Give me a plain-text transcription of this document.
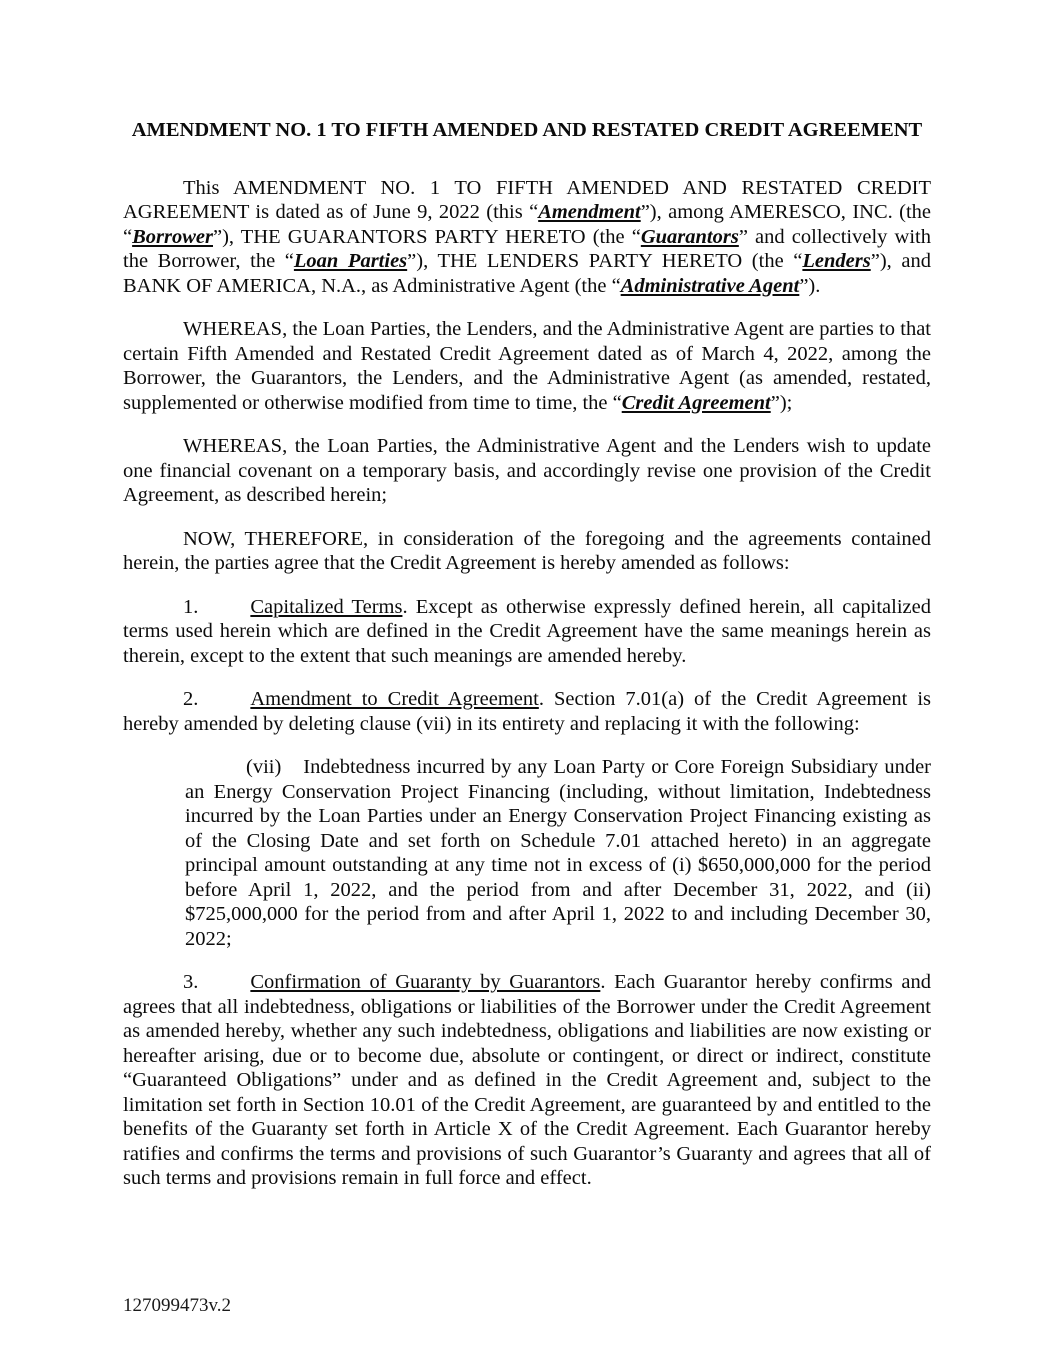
AMENDMENT NO. 1 TO FIFTH AMENDED AND RESTATED CREDIT AGREEMENT
This AMENDMENT NO. 1 TO FIFTH AMENDED AND RESTATED CREDIT AGREEMENT is dated as of June 9, 2022 (this “Amendment”), among AMERESCO, INC. (the “Borrower”), THE GUARANTORS PARTY HERETO (the “Guarantors” and collectively with the Borrower, the “Loan Parties”), THE LENDERS PARTY HERETO (the “Lenders”), and BANK OF AMERICA, N.A., as Administrative Agent (the “Administrative Agent”).
WHEREAS, the Loan Parties, the Lenders, and the Administrative Agent are parties to that certain Fifth Amended and Restated Credit Agreement dated as of March 4, 2022, among the Borrower, the Guarantors, the Lenders, and the Administrative Agent (as amended, restated, supplemented or otherwise modified from time to time, the “Credit Agreement”);
WHEREAS, the Loan Parties, the Administrative Agent and the Lenders wish to update one financial covenant on a temporary basis, and accordingly revise one provision of the Credit Agreement, as described herein;
NOW, THEREFORE, in consideration of the foregoing and the agreements contained herein, the parties agree that the Credit Agreement is hereby amended as follows:
1.	Capitalized Terms. Except as otherwise expressly defined herein, all capitalized terms used herein which are defined in the Credit Agreement have the same meanings herein as therein, except to the extent that such meanings are amended hereby.
2.	Amendment to Credit Agreement. Section 7.01(a) of the Credit Agreement is hereby amended by deleting clause (vii) in its entirety and replacing it with the following:
(vii) Indebtedness incurred by any Loan Party or Core Foreign Subsidiary under an Energy Conservation Project Financing (including, without limitation, Indebtedness incurred by the Loan Parties under an Energy Conservation Project Financing existing as of the Closing Date and set forth on Schedule 7.01 attached hereto) in an aggregate principal amount outstanding at any time not in excess of (i) $650,000,000 for the period before April 1, 2022, and the period from and after December 31, 2022, and (ii) $725,000,000 for the period from and after April 1, 2022 to and including December 30, 2022;
3.	Confirmation of Guaranty by Guarantors. Each Guarantor hereby confirms and agrees that all indebtedness, obligations or liabilities of the Borrower under the Credit Agreement as amended hereby, whether any such indebtedness, obligations and liabilities are now existing or hereafter arising, due or to become due, absolute or contingent, or direct or indirect, constitute “Guaranteed Obligations” under and as defined in the Credit Agreement and, subject to the limitation set forth in Section 10.01 of the Credit Agreement, are guaranteed by and entitled to the benefits of the Guaranty set forth in Article X of the Credit Agreement. Each Guarantor hereby ratifies and confirms the terms and provisions of such Guarantor’s Guaranty and agrees that all of such terms and provisions remain in full force and effect.
127099473v.2
